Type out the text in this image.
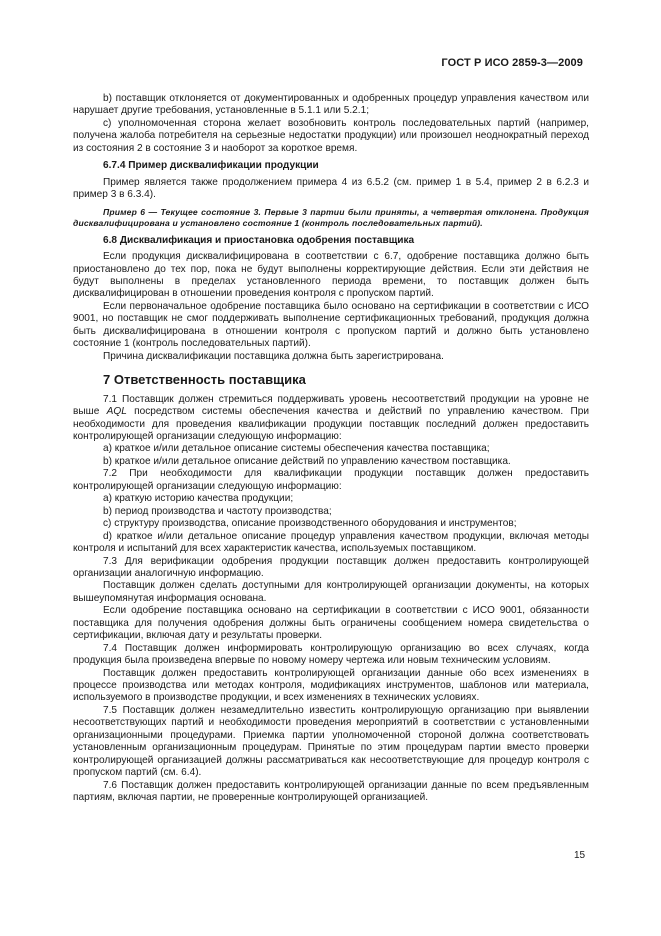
ГОСТ Р ИСО 2859-3—2009

b) поставщик отклоняется от документированных и одобренных процедур управления качеством или нарушает другие требования, установленные в 5.1.1 или 5.2.1;

c) уполномоченная сторона желает возобновить контроль последовательных партий (например, получена жалоба потребителя на серьезные недостатки продукции) или произошел неоднократный переход из состояния 2 в состояние 3 и наоборот за короткое время.

6.7.4 Пример дисквалификации продукции

Пример является также продолжением примера 4 из 6.5.2 (см. пример 1 в 5.4, пример 2 в 6.2.3 и пример 3 в 6.3.4).

Пример 6 — Текущее состояние 3. Первые 3 партии были приняты, а четвертая отклонена. Продукция дисквалифицирована и установлено состояние 1 (контроль последовательных партий).

6.8 Дисквалификация и приостановка одобрения поставщика

Если продукция дисквалифицирована в соответствии с 6.7, одобрение поставщика должно быть приостановлено до тех пор, пока не будут выполнены корректирующие действия. Если эти действия не будут выполнены в пределах установленного периода времени, то поставщик должен быть дисквалифицирован в отношении проведения контроля с пропуском партий.

Если первоначальное одобрение поставщика было основано на сертификации в соответствии с ИСО 9001, но поставщик не смог поддерживать выполнение сертификационных требований, продукция должна быть дисквалифицирована в отношении контроля с пропуском партий и должно быть установлено состояние 1 (контроль последовательных партий).

Причина дисквалификации поставщика должна быть зарегистрирована.

7 Ответственность поставщика

7.1 Поставщик должен стремиться поддерживать уровень несоответствий продукции на уровне не выше AQL посредством системы обеспечения качества и действий по управлению качеством. При необходимости для проведения квалификации продукции поставщик последний должен предоставить контролирующей организации следующую информацию:

a) краткое и/или детальное описание системы обеспечения качества поставщика;

b) краткое и/или детальное описание действий по управлению качеством поставщика.

7.2 При необходимости для квалификации продукции поставщик должен предоставить контролирующей организации следующую информацию:

a) краткую историю качества продукции;

b) период производства и частоту производства;

c) структуру производства, описание производственного оборудования и инструментов;

d) краткое и/или детальное описание процедур управления качеством продукции, включая методы контроля и испытаний для всех характеристик качества, используемых поставщиком.

7.3 Для верификации одобрения продукции поставщик должен предоставить контролирующей организации аналогичную информацию.

Поставщик должен сделать доступными для контролирующей организации документы, на которых вышеупомянутая информация основана.

Если одобрение поставщика основано на сертификации в соответствии с ИСО 9001, обязанности поставщика для получения одобрения должны быть ограничены сообщением номера свидетельства о сертификации, включая дату и результаты проверки.

7.4 Поставщик должен информировать контролирующую организацию во всех случаях, когда продукция была произведена впервые по новому номеру чертежа или новым техническим условиям.

Поставщик должен предоставить контролирующей организации данные обо всех изменениях в процессе производства или методах контроля, модификациях инструментов, шаблонов или материала, используемого в производстве продукции, и всех изменениях в технических условиях.

7.5 Поставщик должен незамедлительно известить контролирующую организацию при выявлении несоответствующих партий и необходимости проведения мероприятий в соответствии с установленными организационными процедурами. Приемка партии уполномоченной стороной должна соответствовать установленным организационным процедурам. Принятые по этим процедурам партии вместо проверки контролирующей организацией должны рассматриваться как несоответствующие для процедур контроля с пропуском партий (см. 6.4).

7.6 Поставщик должен предоставить контролирующей организации данные по всем предъявленным партиям, включая партии, не проверенные контролирующей организацией.

15
